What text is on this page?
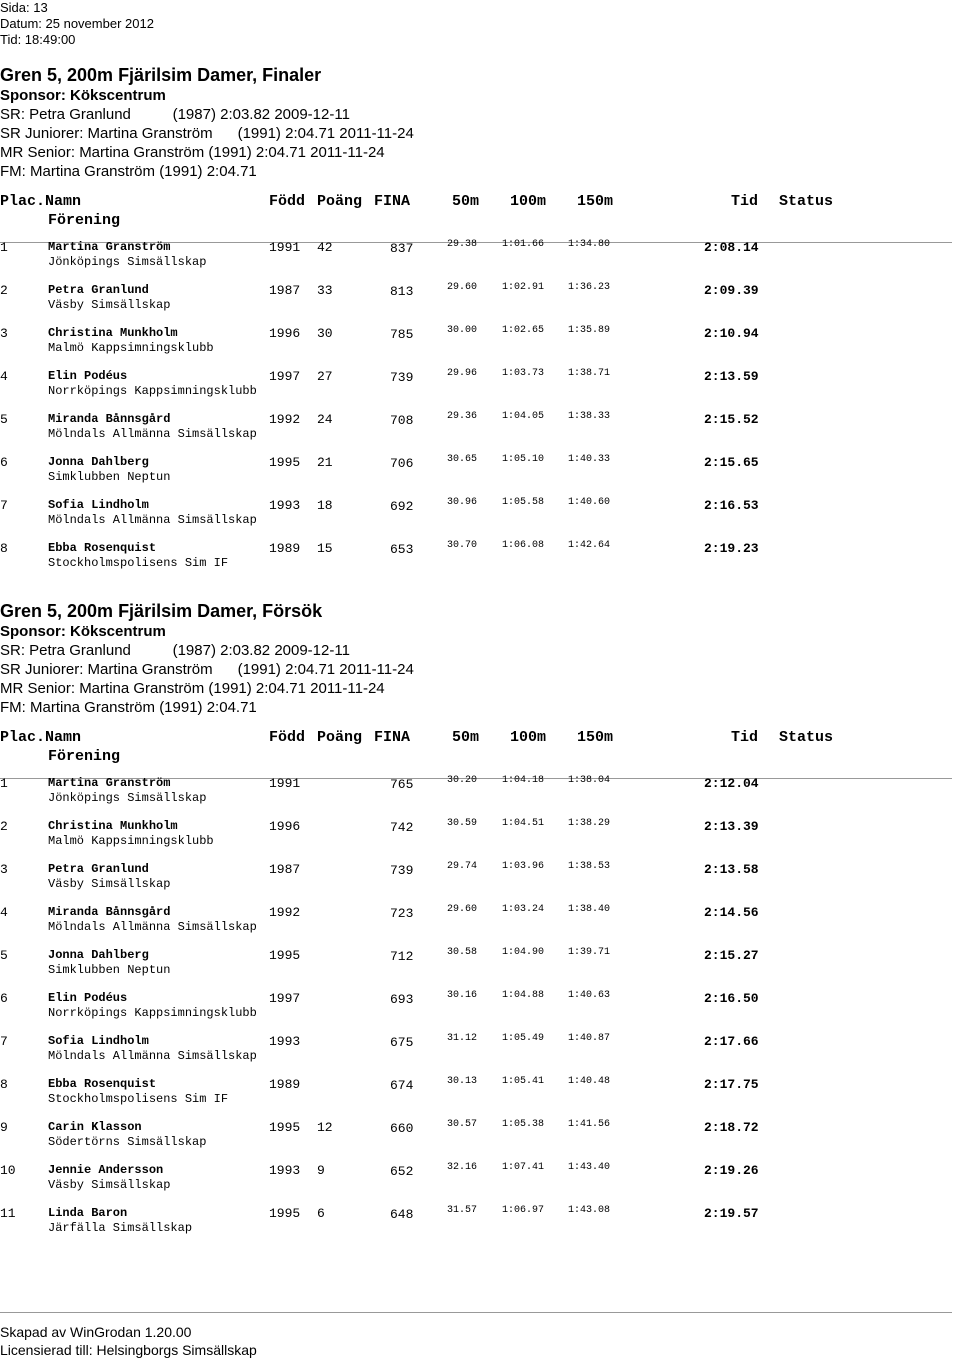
Sida: 13
Datum: 25 november 2012
Tid: 18:49:00
Gren 5, 200m Fjärilsim Damer, Finaler
Sponsor: Kökscentrum
SR: Petra Granlund          (1987) 2:03.82 2009-12-11
SR Juniorer: Martina Granström      (1991) 2:04.71 2011-11-24
MR Senior: Martina Granström (1991) 2:04.71 2011-11-24
FM: Martina Granström (1991) 2:04.71
Plac.Namn	Född Poäng FINA	50m 100m 150m	Tid Status
Förening
1	Martina Granström
Jönköpings Simsällskap
1991 42	837	29.38 1:01.66 1:34.80	2:08.14
2	Petra Granlund
Väsby Simsällskap
1987 33	813	29.60 1:02.91 1:36.23	2:09.39
3	Christina Munkholm
Malmö Kappsimningsklubb
1996 30	785	30.00 1:02.65 1:35.89	2:10.94
4	Elin Podéus
Norrköpings Kappsimningsklubb
1997 27	739	29.96 1:03.73 1:38.71	2:13.59
5	Miranda Bånnsgård
Mölndals Allmänna Simsällskap
1992 24	708	29.36 1:04.05 1:38.33	2:15.52
6	Jonna Dahlberg
Simklubben Neptun
1995 21	706	30.65 1:05.10 1:40.33	2:15.65
7	Sofia Lindholm
Mölndals Allmänna Simsällskap
1993 18	692	30.96 1:05.58 1:40.60	2:16.53
8	Ebba Rosenquist
Stockholmspolisens Sim IF
1989 15	653	30.70 1:06.08 1:42.64	2:19.23
Gren 5, 200m Fjärilsim Damer, Försök
Sponsor: Kökscentrum
SR: Petra Granlund          (1987) 2:03.82 2009-12-11
SR Juniorer: Martina Granström      (1991) 2:04.71 2011-11-24
MR Senior: Martina Granström (1991) 2:04.71 2011-11-24
FM: Martina Granström (1991) 2:04.71
Plac.Namn	Född Poäng FINA	50m 100m 150m	Tid Status
Förening
1	Martina Granström
Jönköpings Simsällskap
1991	765	30.20 1:04.18 1:38.04	2:12.04
2	Christina Munkholm
Malmö Kappsimningsklubb
1996	742	30.59 1:04.51 1:38.29	2:13.39
3	Petra Granlund
Väsby Simsällskap
1987	739	29.74 1:03.96 1:38.53	2:13.58
4	Miranda Bånnsgård
Mölndals Allmänna Simsällskap
1992	723	29.60 1:03.24 1:38.40	2:14.56
5	Jonna Dahlberg
Simklubben Neptun
1995	712	30.58 1:04.90 1:39.71	2:15.27
6	Elin Podéus
Norrköpings Kappsimningsklubb
1997	693	30.16 1:04.88 1:40.63	2:16.50
7	Sofia Lindholm
Mölndals Allmänna Simsällskap
1993	675	31.12 1:05.49 1:40.87	2:17.66
8	Ebba Rosenquist
Stockholmspolisens Sim IF
1989	674	30.13 1:05.41 1:40.48	2:17.75
9	Carin Klasson
Södertörns Simsällskap
1995 12	660	30.57 1:05.38 1:41.56	2:18.72
10	Jennie Andersson
Väsby Simsällskap
1993 9	652	32.16 1:07.41 1:43.40	2:19.26
11	Linda Baron
Järfälla Simsällskap
1995 6	648	31.57 1:06.97 1:43.08	2:19.57
Skapad av WinGrodan 1.20.00
Licensierad till: Helsingborgs Simsällskap
